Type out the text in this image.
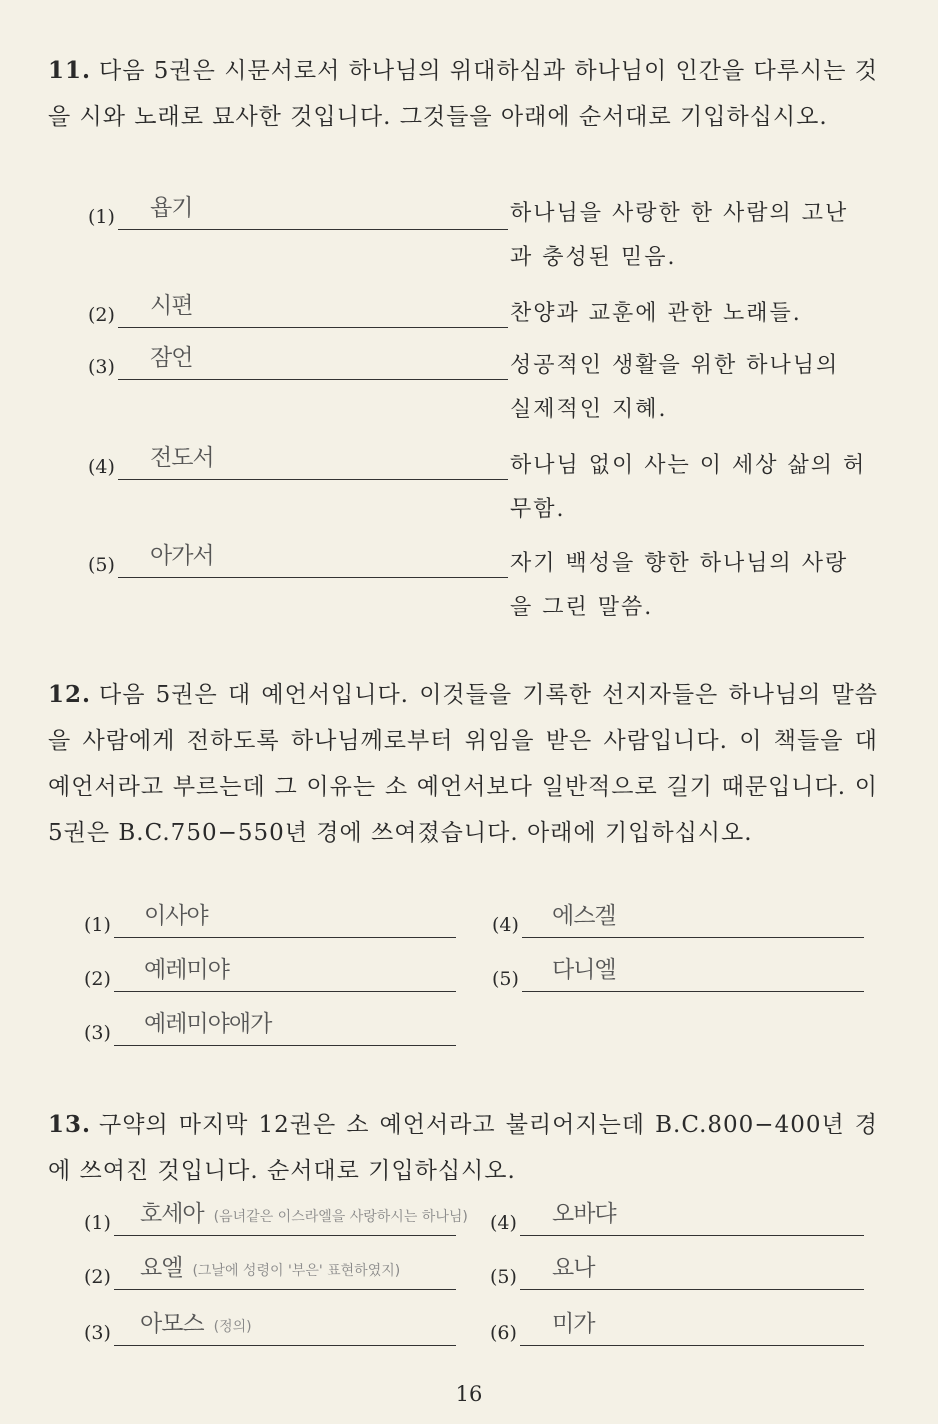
11. 다음 5권은 시문서로서 하나님의 위대하심과 하나님이 인간을 다루시는 것을 시와 노래로 묘사한 것입니다. 그것들을 아래에 순서대로 기입하십시오.
(1) 욥기	하나님을 사랑한 한 사람의 고난과 충성된 믿음.
(2) 시편	찬양과 교훈에 관한 노래들.
(3) 잠언	성공적인 생활을 위한 하나님의 실제적인 지혜.
(4) 전도서	하나님 없이 사는 이 세상 삶의 허무함.
(5) 아가서	자기 백성을 향한 하나님의 사랑을 그린 말씀.
12. 다음 5권은 대 예언서입니다. 이것들을 기록한 선지자들은 하나님의 말씀을 사람에게 전하도록 하나님께로부터 위임을 받은 사람입니다. 이 책들을 대 예언서라고 부르는데 그 이유는 소 예언서보다 일반적으로 길기 때문입니다. 이 5권은 B.C.750−550년 경에 쓰여졌습니다. 아래에 기입하십시오.
(1) 이사야
(2) 예레미야
(3) 예레미야애가
(4) 에스겔
(5) 다니엘
13. 구약의 마지막 12권은 소 예언서라고 불리어지는데 B.C.800−400년 경에 쓰여진 것입니다. 순서대로 기입하십시오.
(1) 호세아 (음녀같은 이스라엘을 사랑하시는 하나님)
(2) 요엘 (그날에 성령이 '부은' 표현하였지)
(3) 아모스 (정의)
(4) 오바댜
(5) 요나
(6) 미가
16
